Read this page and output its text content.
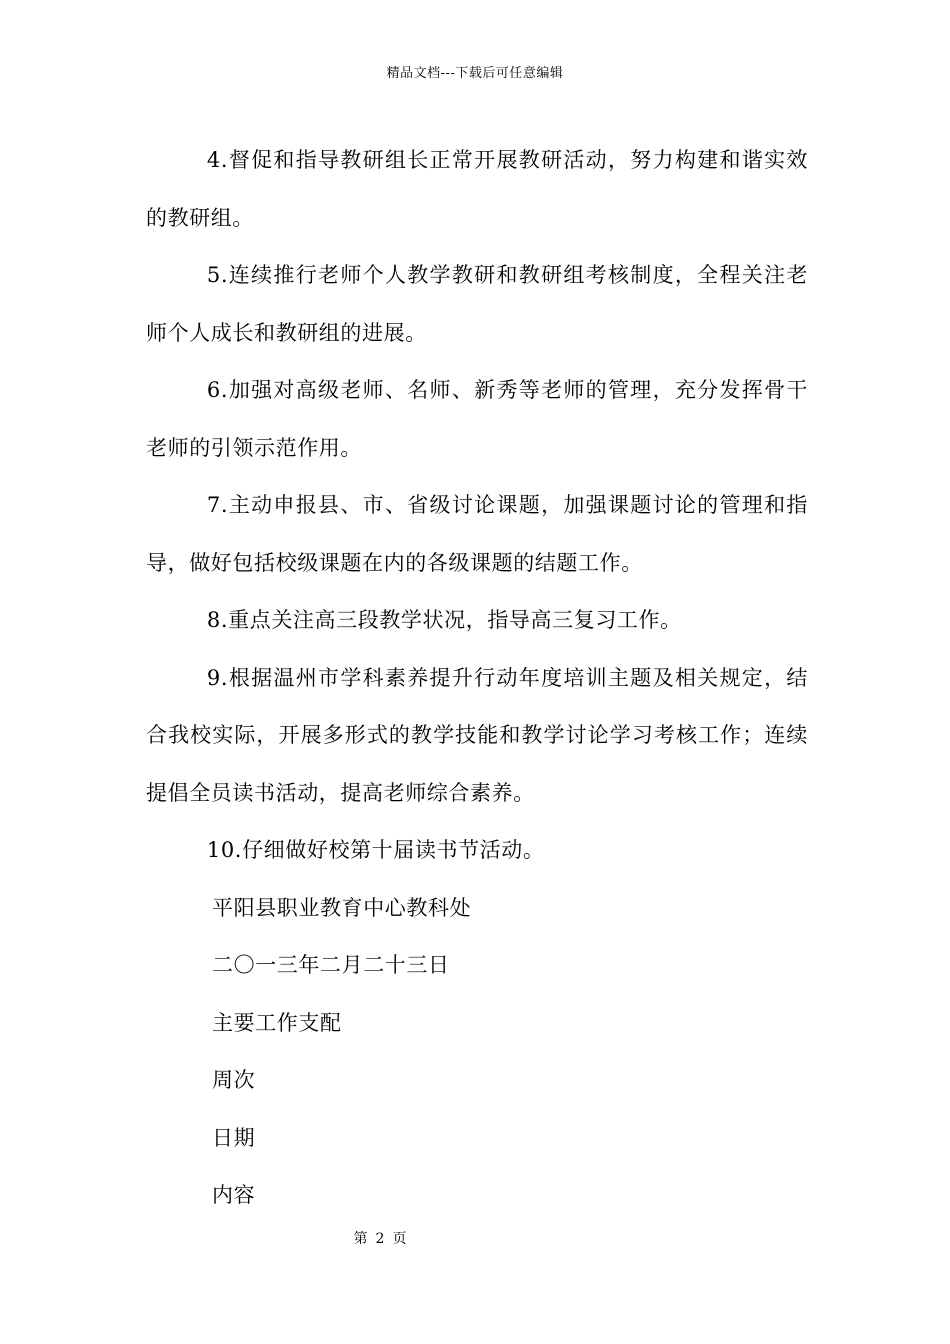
精品文档---下载后可任意编辑

4.督促和指导教研组长正常开展教研活动，努力构建和谐实效的教研组。

5.连续推行老师个人教学教研和教研组考核制度，全程关注老师个人成长和教研组的进展。

6.加强对高级老师、名师、新秀等老师的管理，充分发挥骨干老师的引领示范作用。

7.主动申报县、市、省级讨论课题，加强课题讨论的管理和指导，做好包括校级课题在内的各级课题的结题工作。

8.重点关注高三段教学状况，指导高三复习工作。

9.根据温州市学科素养提升行动年度培训主题及相关规定，结合我校实际，开展多形式的教学技能和教学讨论学习考核工作；连续提倡全员读书活动，提高老师综合素养。

10.仔细做好校第十届读书节活动。

平阳县职业教育中心教科处

二〇一三年二月二十三日

主要工作支配

周次

日期

内容

第 2 页
